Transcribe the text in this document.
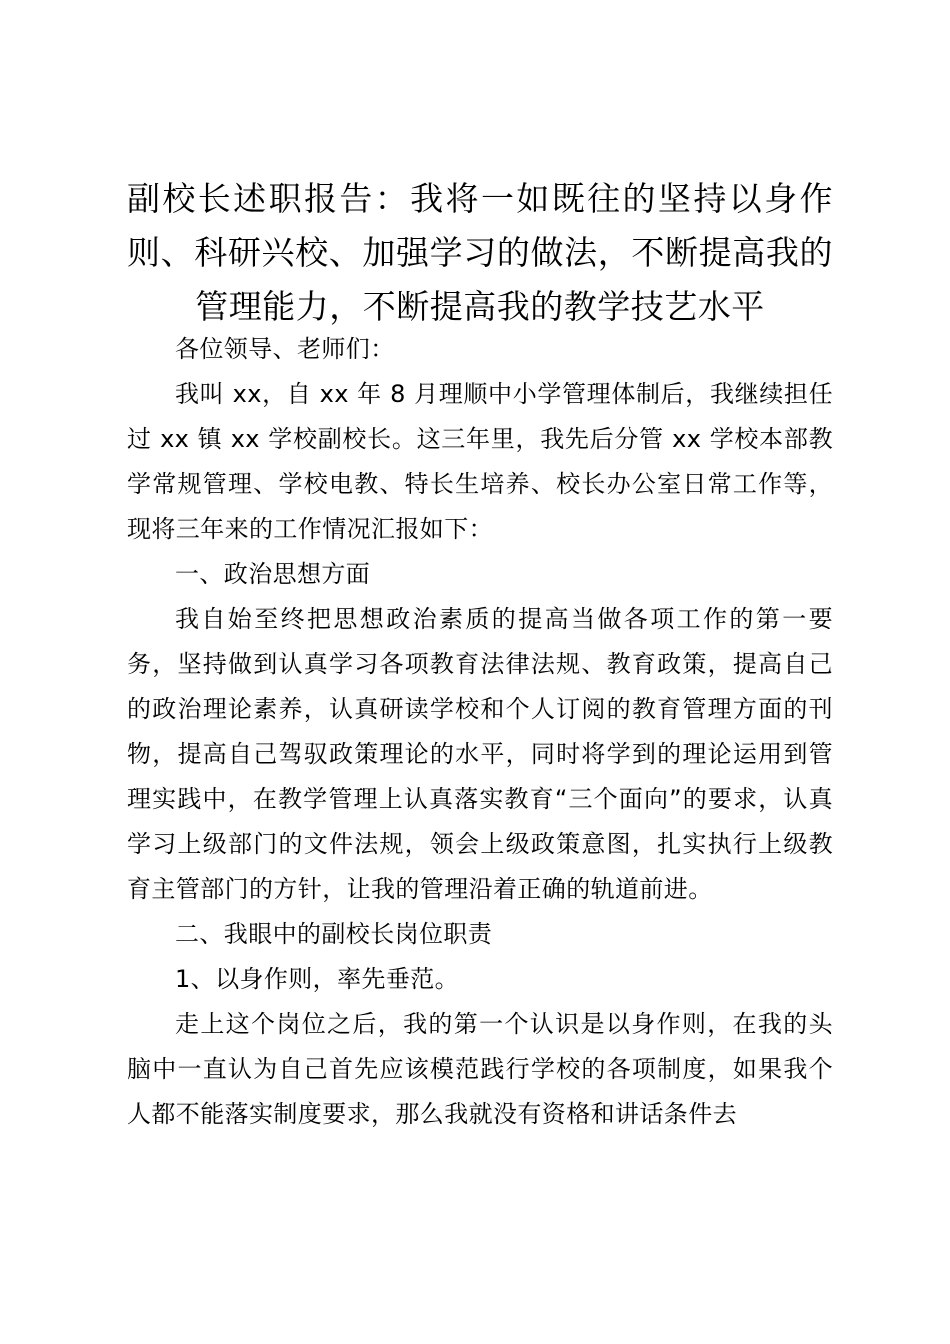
副校长述职报告：我将一如既往的坚持以身作则、科研兴校、加强学习的做法，不断提高我的管理能力，不断提高我的教学技艺水平

各位领导、老师们：

我叫 xx，自 xx 年 8 月理顺中小学管理体制后，我继续担任过 xx 镇 xx 学校副校长。这三年里，我先后分管 xx 学校本部教学常规管理、学校电教、特长生培养、校长办公室日常工作等，现将三年来的工作情况汇报如下：

一、政治思想方面

我自始至终把思想政治素质的提高当做各项工作的第一要务，坚持做到认真学习各项教育法律法规、教育政策，提高自己的政治理论素养，认真研读学校和个人订阅的教育管理方面的刊物，提高自己驾驭政策理论的水平，同时将学到的理论运用到管理实践中，在教学管理上认真落实教育“三个面向”的要求，认真学习上级部门的文件法规，领会上级政策意图，扎实执行上级教育主管部门的方针，让我的管理沿着正确的轨道前进。

二、我眼中的副校长岗位职责

1、以身作则，率先垂范。

走上这个岗位之后，我的第一个认识是以身作则，在我的头脑中一直认为自己首先应该模范践行学校的各项制度，如果我个人都不能落实制度要求，那么我就没有资格和讲话条件去
